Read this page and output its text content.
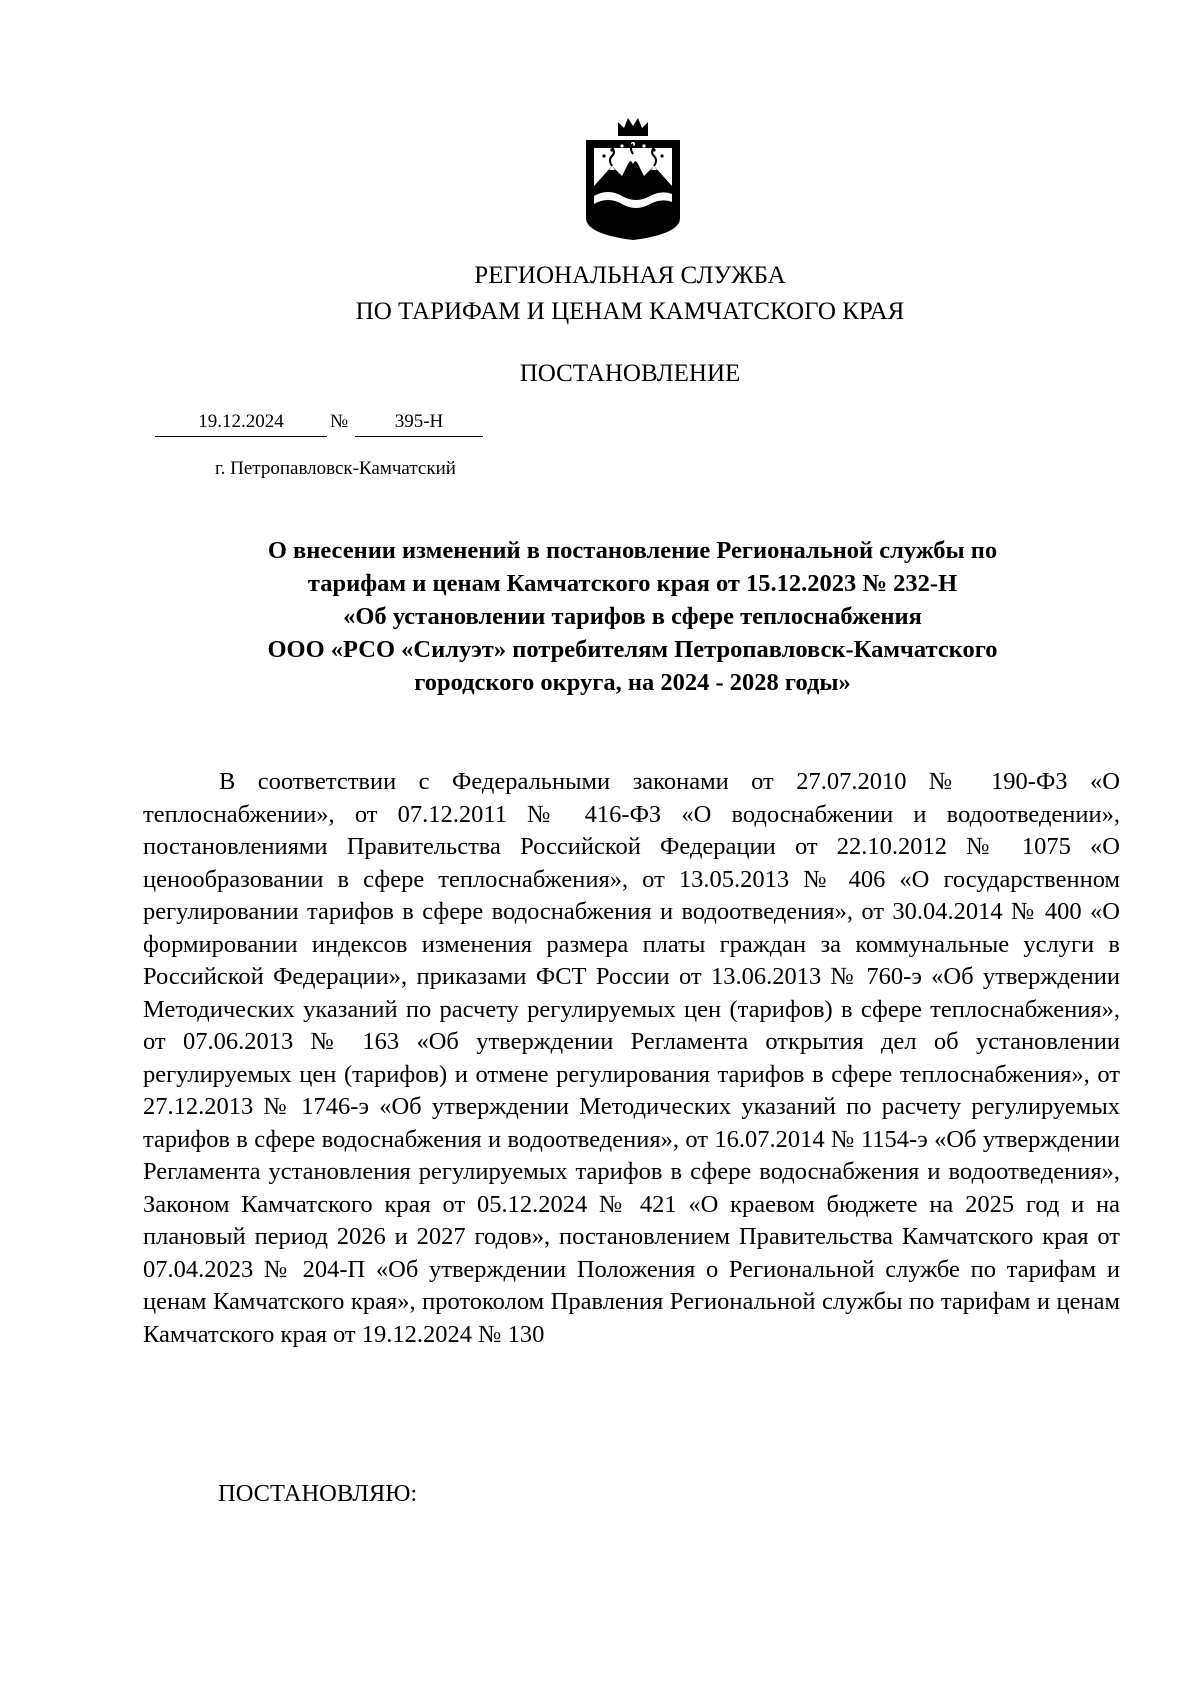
РЕГИОНАЛЬНАЯ СЛУЖБА
ПО ТАРИФАМ И ЦЕНАМ КАМЧАТСКОГО КРАЯ
ПОСТАНОВЛЕНИЕ
19.12.2024	№	395-Н
г. Петропавловск-Камчатский
О внесении изменений в постановление Региональной службы по
тарифам и ценам Камчатского края от 15.12.2023 № 232-Н
«Об установлении тарифов в сфере теплоснабжения
ООО «РСО «Силуэт» потребителям Петропавловск-Камчатского
городского округа, на 2024 - 2028 годы»

В соответствии с Федеральными законами от 27.07.2010 № 190-ФЗ «О теплоснабжении», от 07.12.2011 № 416-ФЗ «О водоснабжении и водоотведении», постановлениями Правительства Российской Федерации от 22.10.2012 № 1075 «О ценообразовании в сфере теплоснабжения», от 13.05.2013 № 406 «О государственном регулировании тарифов в сфере водоснабжения и водоотведения», от 30.04.2014 № 400 «О формировании индексов изменения размера платы граждан за коммунальные услуги в Российской Федерации», приказами ФСТ России от 13.06.2013 № 760-э «Об утверждении Методических указаний по расчету регулируемых цен (тарифов) в сфере теплоснабжения», от 07.06.2013 № 163 «Об утверждении Регламента открытия дел об установлении регулируемых цен (тарифов) и отмене регулирования тарифов в сфере теплоснабжения», от 27.12.2013 № 1746-э «Об утверждении Методических указаний по расчету регулируемых тарифов в сфере водоснабжения и водоотведения», от 16.07.2014 № 1154-э «Об утверждении Регламента установления регулируемых тарифов в сфере водоснабжения и водоотведения», Законом Камчатского края от 05.12.2024 № 421 «О краевом бюджете на 2025 год и на плановый период 2026 и 2027 годов», постановлением Правительства Камчатского края от 07.04.2023 № 204-П «Об утверждении Положения о Региональной службе по тарифам и ценам Камчатского края», протоколом Правления Региональной службы по тарифам и ценам Камчатского края от 19.12.2024 № 130

ПОСТАНОВЛЯЮ:
